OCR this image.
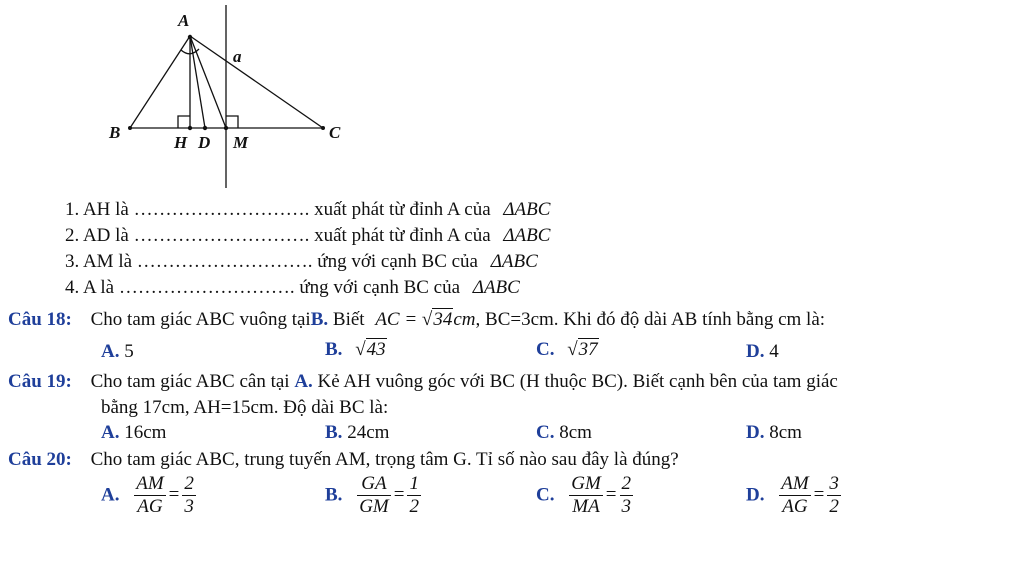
A
a
B
H D M
C
1. AH là ………………………. xuất phát từ đỉnh A của ΔABC
2. AD là ………………………. xuất phát từ đỉnh A của ΔABC
3. AM là ………………………. ứng với cạnh BC của ΔABC
4. A là ………………………. ứng với cạnh BC của ΔABC
Câu 18: Cho tam giác ABC vuông tạiB. Biết AC = √34cm, BC=3cm. Khi đó độ dài AB tính bằng cm là:
A. 5	B. √43	C. √37	D. 4
Câu 19: Cho tam giác ABC cân tại A. Kẻ AH vuông góc với BC (H thuộc BC). Biết cạnh bên của tam giác
bằng 17cm, AH=15cm. Độ dài BC là:
A. 16cm	B. 24cm	C. 8cm	D. 8cm
Câu 20: Cho tam giác ABC, trung tuyến AM, trọng tâm G. Tỉ số nào sau đây là đúng?
A. $\frac{AM}{AG} = \frac{2}{3}$	B. $\frac{GA}{GM} = \frac{1}{2}$	C. $\frac{GM}{MA} = \frac{2}{3}$	D. $\frac{AM}{AG} = \frac{3}{2}$
